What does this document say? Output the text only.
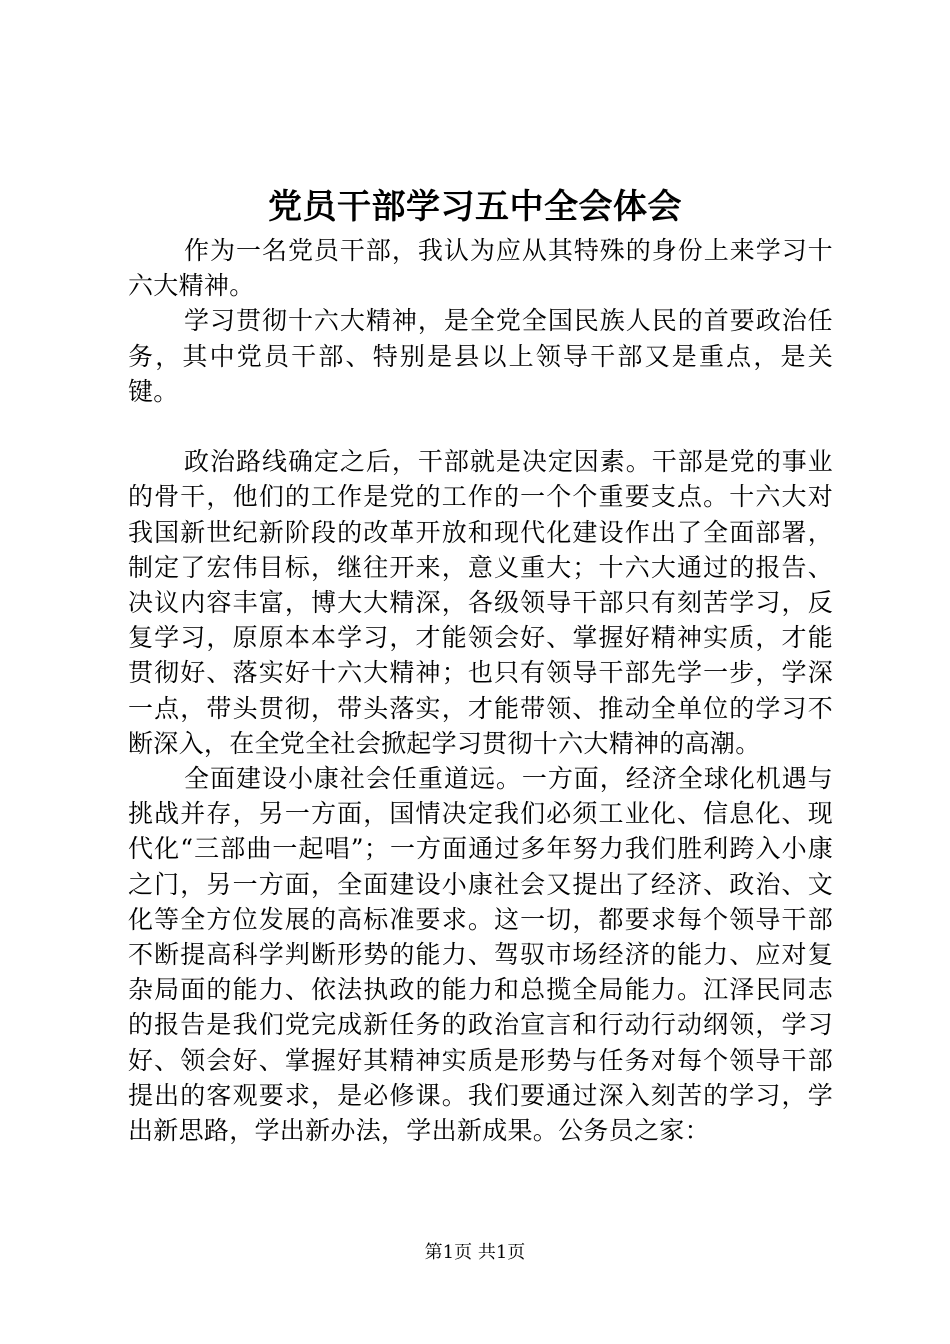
党员干部学习五中全会体会

作为一名党员干部，我认为应从其特殊的身份上来学习十六大精神。

学习贯彻十六大精神，是全党全国民族人民的首要政治任务，其中党员干部、特别是县以上领导干部又是重点，是关键。

政治路线确定之后，干部就是决定因素。干部是党的事业的骨干，他们的工作是党的工作的一个个重要支点。十六大对我国新世纪新阶段的改革开放和现代化建设作出了全面部署，制定了宏伟目标，继往开来，意义重大；十六大通过的报告、决议内容丰富，博大大精深，各级领导干部只有刻苦学习，反复学习，原原本本学习，才能领会好、掌握好精神实质，才能贯彻好、落实好十六大精神；也只有领导干部先学一步，学深一点，带头贯彻，带头落实，才能带领、推动全单位的学习不断深入，在全党全社会掀起学习贯彻十六大精神的高潮。

全面建设小康社会任重道远。一方面，经济全球化机遇与挑战并存，另一方面，国情决定我们必须工业化、信息化、现代化“三部曲一起唱”；一方面通过多年努力我们胜利跨入小康之门，另一方面，全面建设小康社会又提出了经济、政治、文化等全方位发展的高标准要求。这一切，都要求每个领导干部不断提高科学判断形势的能力、驾驭市场经济的能力、应对复杂局面的能力、依法执政的能力和总揽全局能力。江泽民同志的报告是我们党完成新任务的政治宣言和行动行动纲领，学习好、领会好、掌握好其精神实质是形势与任务对每个领导干部提出的客观要求，是必修课。我们要通过深入刻苦的学习，学出新思路，学出新办法，学出新成果。公务员之家：

第1页 共1页
